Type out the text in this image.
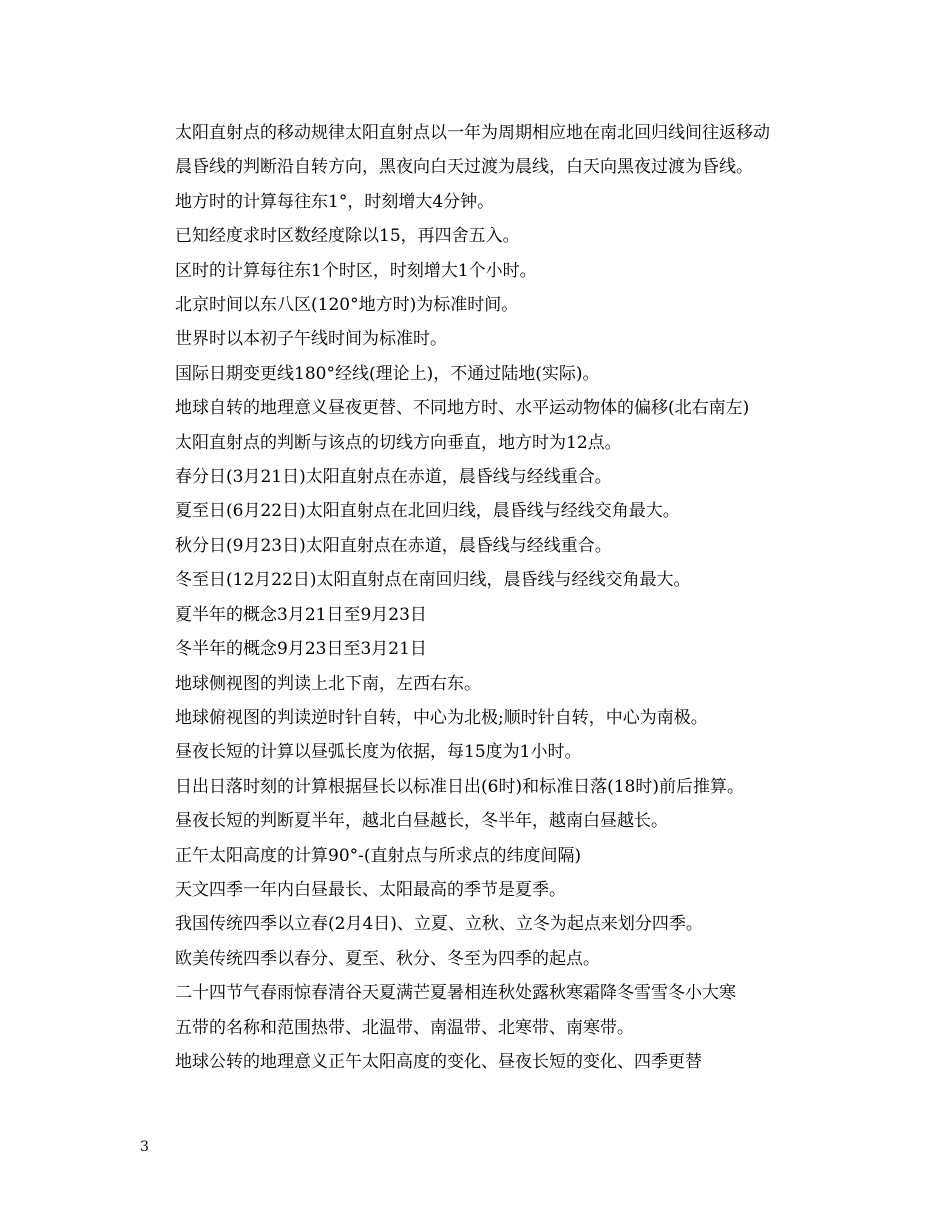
太阳直射点的移动规律太阳直射点以一年为周期相应地在南北回归线间往返移动

晨昏线的判断沿自转方向，黑夜向白天过渡为晨线，白天向黑夜过渡为昏线。

地方时的计算每往东1°，时刻增大4分钟。

已知经度求时区数经度除以15，再四舍五入。

区时的计算每往东1个时区，时刻增大1个小时。

北京时间以东八区(120°地方时)为标准时间。

世界时以本初子午线时间为标准时。

国际日期变更线180°经线(理论上)，不通过陆地(实际)。

地球自转的地理意义昼夜更替、不同地方时、水平运动物体的偏移(北右南左)

太阳直射点的判断与该点的切线方向垂直，地方时为12点。

春分日(3月21日)太阳直射点在赤道，晨昏线与经线重合。

夏至日(6月22日)太阳直射点在北回归线，晨昏线与经线交角最大。

秋分日(9月23日)太阳直射点在赤道，晨昏线与经线重合。

冬至日(12月22日)太阳直射点在南回归线，晨昏线与经线交角最大。

夏半年的概念3月21日至9月23日

冬半年的概念9月23日至3月21日

地球侧视图的判读上北下南，左西右东。

地球俯视图的判读逆时针自转，中心为北极;顺时针自转，中心为南极。

昼夜长短的计算以昼弧长度为依据，每15度为1小时。

日出日落时刻的计算根据昼长以标准日出(6时)和标准日落(18时)前后推算。

昼夜长短的判断夏半年，越北白昼越长，冬半年，越南白昼越长。

正午太阳高度的计算90°-(直射点与所求点的纬度间隔)

天文四季一年内白昼最长、太阳最高的季节是夏季。

我国传统四季以立春(2月4日)、立夏、立秋、立冬为起点来划分四季。

欧美传统四季以春分、夏至、秋分、冬至为四季的起点。

二十四节气春雨惊春清谷天夏满芒夏暑相连秋处露秋寒霜降冬雪雪冬小大寒

五带的名称和范围热带、北温带、南温带、北寒带、南寒带。

地球公转的地理意义正午太阳高度的变化、昼夜长短的变化、四季更替

3
